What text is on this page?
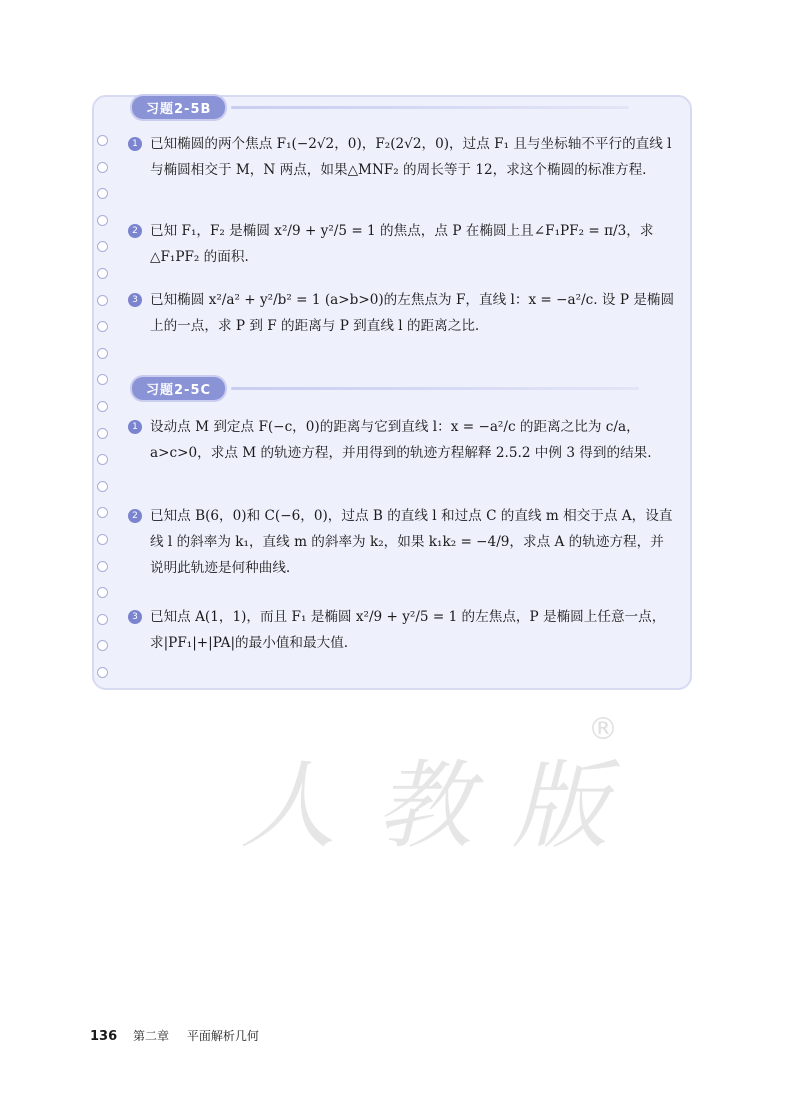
习题2-5B
1 已知椭圆的两个焦点 F₁(−2√2，0)，F₂(2√2，0)，过点 F₁ 且与坐标轴不平行的直线 l 与椭圆相交于 M，N 两点，如果△MNF₂ 的周长等于 12，求这个椭圆的标准方程.

2 已知 F₁，F₂ 是椭圆 x²/9 + y²/5 = 1 的焦点，点 P 在椭圆上且∠F₁PF₂ = π/3，求△F₁PF₂ 的面积.

3 已知椭圆 x²/a² + y²/b² = 1 (a>b>0)的左焦点为 F，直线 l：x = −a²/c. 设 P 是椭圆上的一点，求 P 到 F 的距离与 P 到直线 l 的距离之比.

习题2-5C
1 设动点 M 到定点 F(−c，0)的距离与它到直线 l：x = −a²/c 的距离之比为 c/a，a>c>0，求点 M 的轨迹方程，并用得到的轨迹方程解释 2.5.2 中例 3 得到的结果.

2 已知点 B(6，0)和 C(−6，0)，过点 B 的直线 l 和过点 C 的直线 m 相交于点 A，设直线 l 的斜率为 k₁，直线 m 的斜率为 k₂，如果 k₁k₂ = −4/9，求点 A 的轨迹方程，并说明此轨迹是何种曲线.

3 已知点 A(1，1)，而且 F₁ 是椭圆 x²/9 + y²/5 = 1 的左焦点，P 是椭圆上任意一点，求|PF₁|+|PA|的最小值和最大值.

人教版
®
136 第二章 平面解析几何
